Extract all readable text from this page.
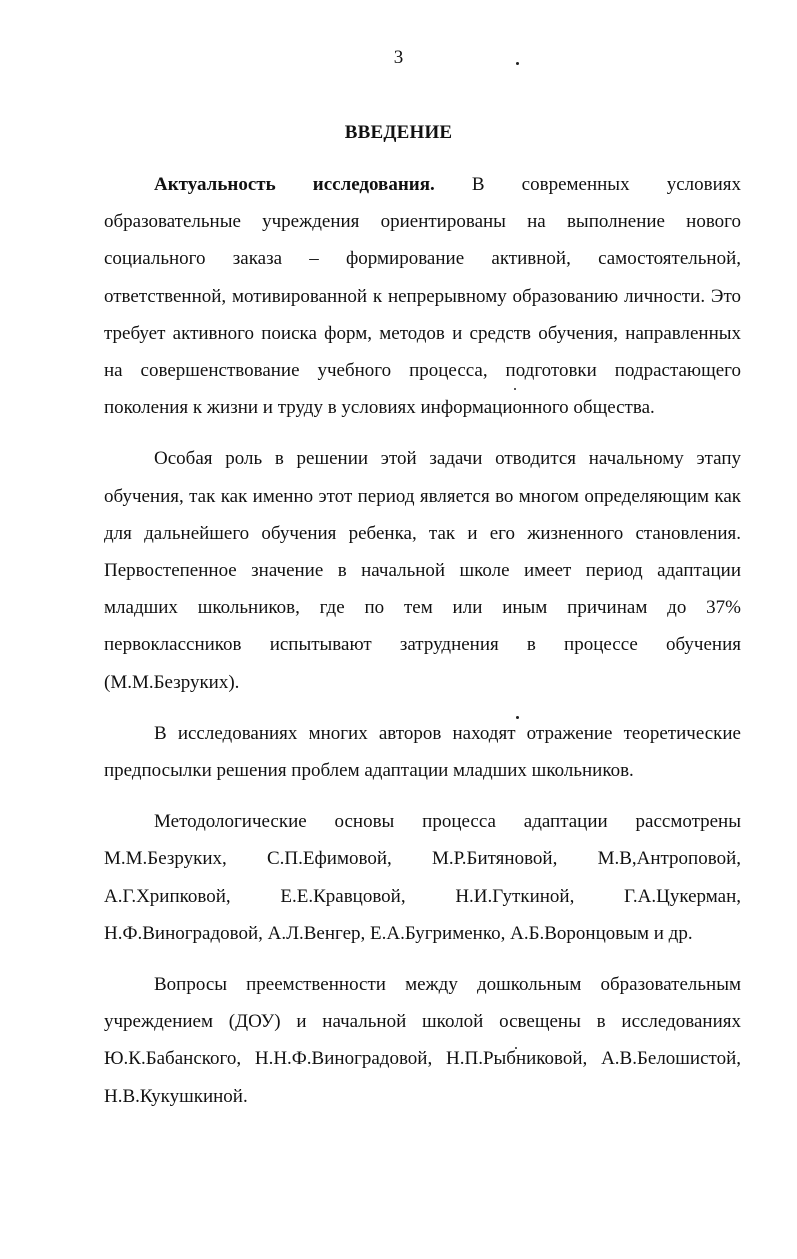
3
ВВЕДЕНИЕ

Актуальность исследования. В современных условиях образовательные учреждения ориентированы на выполнение нового социального заказа – формирование активной, самостоятельной, ответственной, мотивированной к непрерывному образованию личности. Это требует активного поиска форм, методов и средств обучения, направленных на совершенствование учебного процесса, подготовки подрастающего поколения к жизни и труду в условиях информационного общества.

Особая роль в решении этой задачи отводится начальному этапу обучения, так как именно этот период является во многом определяющим как для дальнейшего обучения ребенка, так и его жизненного становления. Первостепенное значение в начальной школе имеет период адаптации младших школьников, где по тем или иным причинам до 37% первоклассников испытывают затруднения в процессе обучения (М.М.Безруких).

В исследованиях многих авторов находят отражение теоретические предпосылки решения проблем адаптации младших школьников.

Методологические основы процесса адаптации рассмотрены М.М.Безруких, С.П.Ефимовой, М.Р.Битяновой, М.В,Антроповой, А.Г.Хрипковой, Е.Е.Кравцовой, Н.И.Гуткиной, Г.А.Цукерман, Н.Ф.Виноградовой, А.Л.Венгер, Е.А.Бугрименко, А.Б.Воронцовым и др.

Вопросы преемственности между дошкольным образовательным учреждением (ДОУ) и начальной школой освещены в исследованиях Ю.К.Бабанского, Н.Н.Ф.Виноградовой, Н.П.Рыбниковой, А.В.Белошистой, Н.В.Кукушкиной.
